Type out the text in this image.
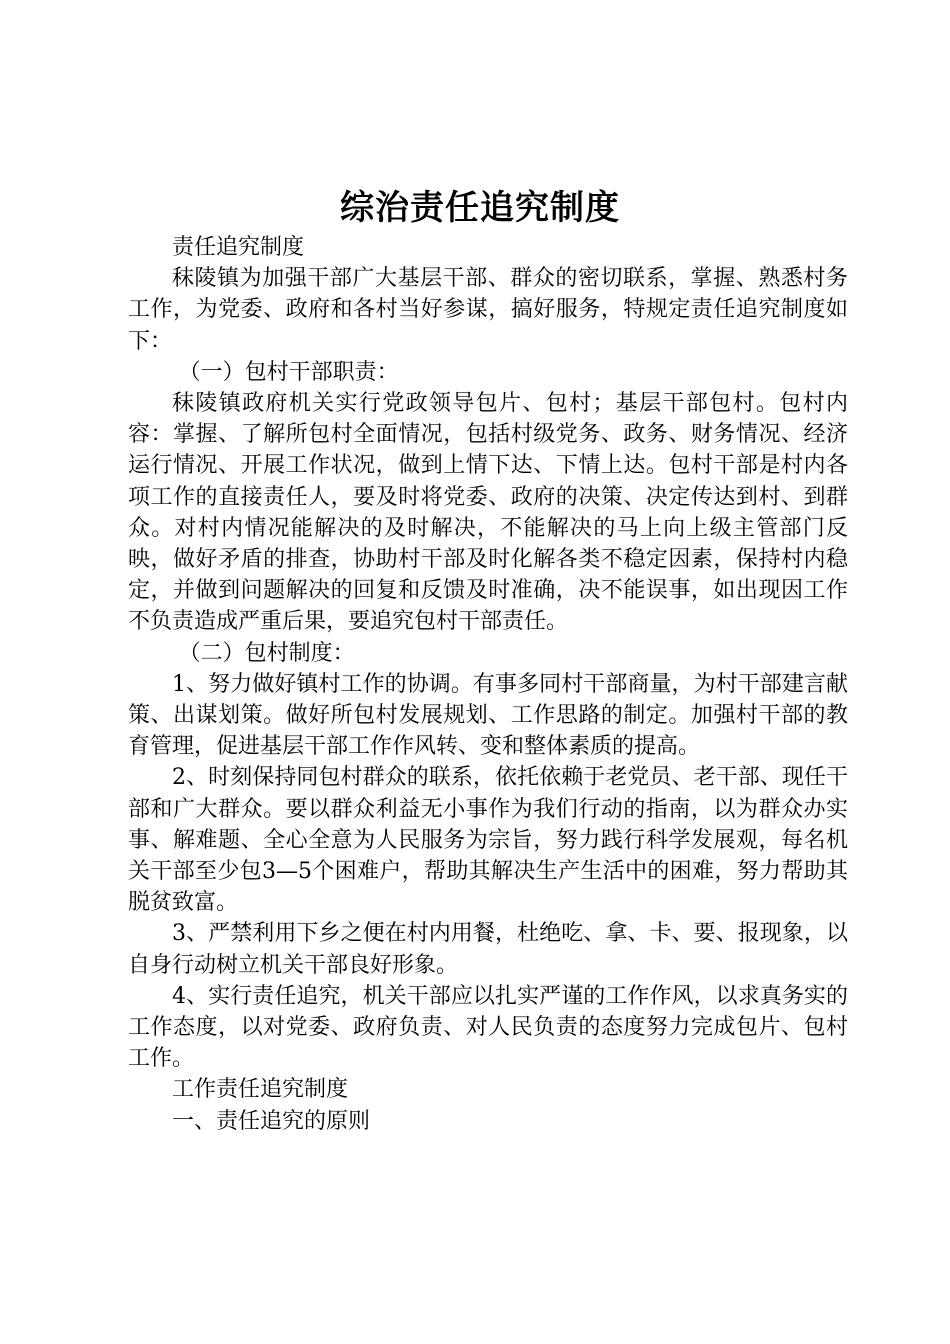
综治责任追究制度

责任追究制度

秣陵镇为加强干部广大基层干部、群众的密切联系，掌握、熟悉村务工作，为党委、政府和各村当好参谋，搞好服务，特规定责任追究制度如下：

（一）包村干部职责：

秣陵镇政府机关实行党政领导包片、包村；基层干部包村。包村内容：掌握、了解所包村全面情况，包括村级党务、政务、财务情况、经济运行情况、开展工作状况，做到上情下达、下情上达。包村干部是村内各项工作的直接责任人，要及时将党委、政府的决策、决定传达到村、到群众。对村内情况能解决的及时解决，不能解决的马上向上级主管部门反映，做好矛盾的排查，协助村干部及时化解各类不稳定因素，保持村内稳定，并做到问题解决的回复和反馈及时准确，决不能误事，如出现因工作不负责造成严重后果，要追究包村干部责任。

（二）包村制度：

1、努力做好镇村工作的协调。有事多同村干部商量，为村干部建言献策、出谋划策。做好所包村发展规划、工作思路的制定。加强村干部的教育管理，促进基层干部工作作风转、变和整体素质的提高。

2、时刻保持同包村群众的联系，依托依赖于老党员、老干部、现任干部和广大群众。要以群众利益无小事作为我们行动的指南，以为群众办实事、解难题、全心全意为人民服务为宗旨，努力践行科学发展观，每名机关干部至少包3—5个困难户，帮助其解决生产生活中的困难，努力帮助其脱贫致富。

3、严禁利用下乡之便在村内用餐，杜绝吃、拿、卡、要、报现象，以自身行动树立机关干部良好形象。

4、实行责任追究，机关干部应以扎实严谨的工作作风，以求真务实的工作态度，以对党委、政府负责、对人民负责的态度努力完成包片、包村工作。

工作责任追究制度

一、责任追究的原则
